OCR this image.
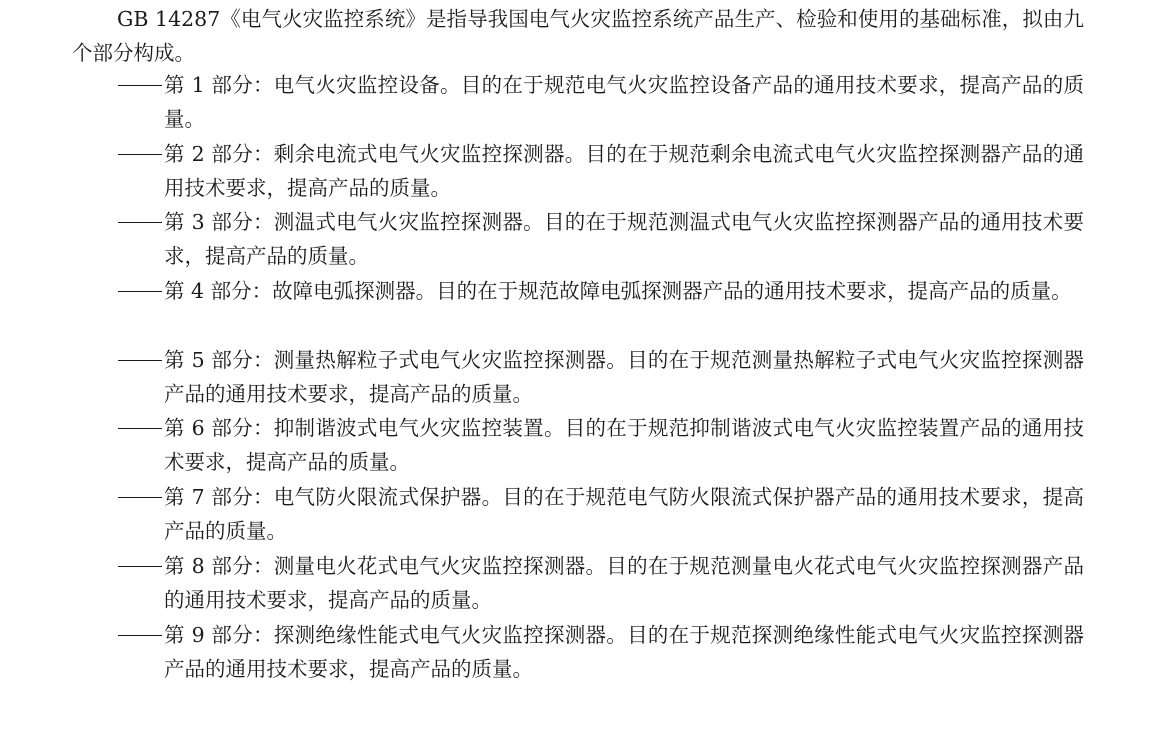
GB 14287《电气火灾监控系统》是指导我国电气火灾监控系统产品生产、检验和使用的基础标准，拟由九个部分构成。

第 1 部分：电气火灾监控设备。目的在于规范电气火灾监控设备产品的通用技术要求，提高产品的质量。
第 2 部分：剩余电流式电气火灾监控探测器。目的在于规范剩余电流式电气火灾监控探测器产品的通用技术要求，提高产品的质量。
第 3 部分：测温式电气火灾监控探测器。目的在于规范测温式电气火灾监控探测器产品的通用技术要求，提高产品的质量。
第 4 部分：故障电弧探测器。目的在于规范故障电弧探测器产品的通用技术要求，提高产品的质量。
第 5 部分：测量热解粒子式电气火灾监控探测器。目的在于规范测量热解粒子式电气火灾监控探测器产品的通用技术要求，提高产品的质量。
第 6 部分：抑制谐波式电气火灾监控装置。目的在于规范抑制谐波式电气火灾监控装置产品的通用技术要求，提高产品的质量。
第 7 部分：电气防火限流式保护器。目的在于规范电气防火限流式保护器产品的通用技术要求，提高产品的质量。
第 8 部分：测量电火花式电气火灾监控探测器。目的在于规范测量电火花式电气火灾监控探测器产品的通用技术要求，提高产品的质量。
第 9 部分：探测绝缘性能式电气火灾监控探测器。目的在于规范探测绝缘性能式电气火灾监控探测器产品的通用技术要求，提高产品的质量。
